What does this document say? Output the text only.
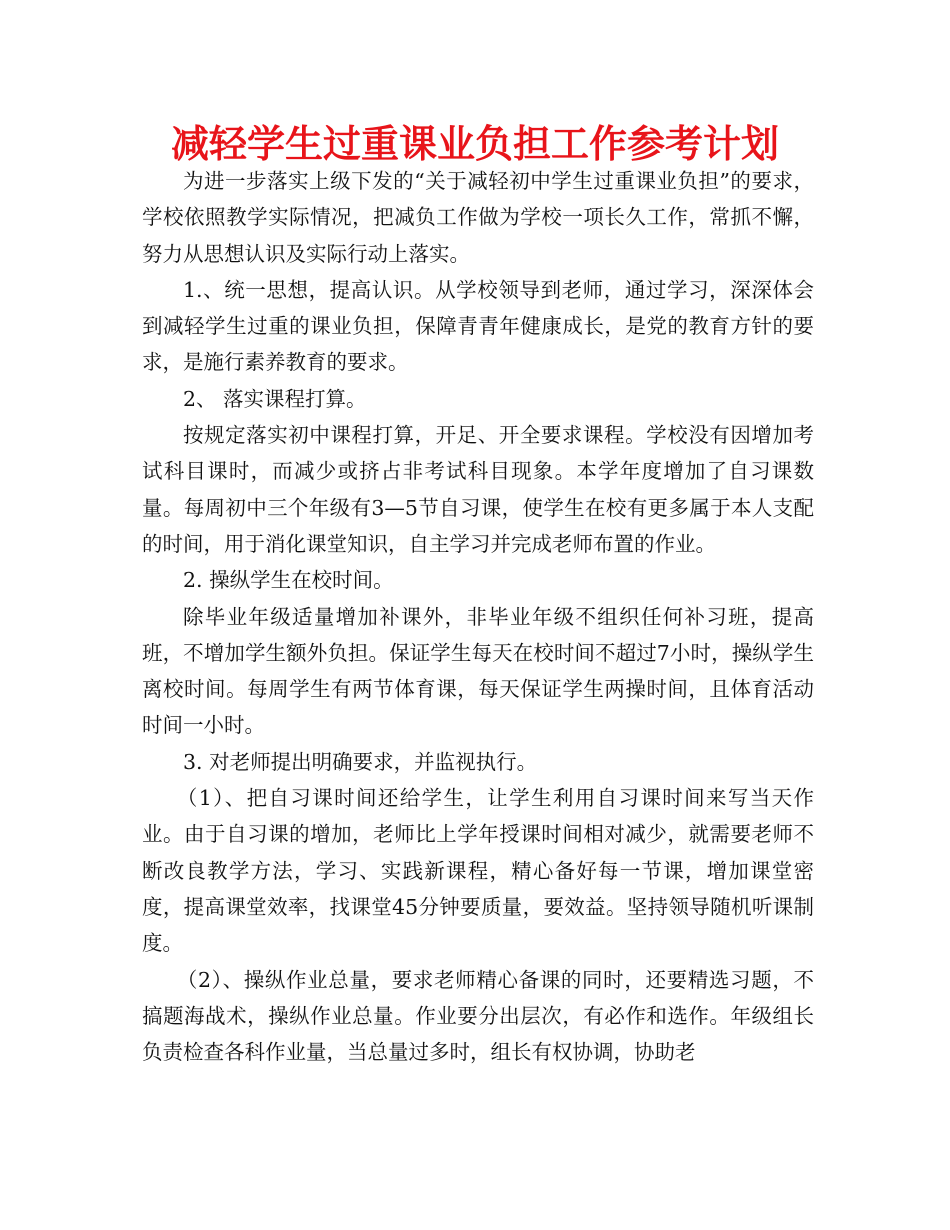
减轻学生过重课业负担工作参考计划

为进一步落实上级下发的“关于减轻初中学生过重课业负担”的要求，学校依照教学实际情况，把减负工作做为学校一项长久工作，常抓不懈，努力从思想认识及实际行动上落实。

1.、统一思想，提高认识。从学校领导到老师，通过学习，深深体会到减轻学生过重的课业负担，保障青青年健康成长，是党的教育方针的要求，是施行素养教育的要求。

2、 落实课程打算。

按规定落实初中课程打算，开足、开全要求课程。学校没有因增加考试科目课时，而减少或挤占非考试科目现象。本学年度增加了自习课数量。每周初中三个年级有3—5节自习课，使学生在校有更多属于本人支配的时间，用于消化课堂知识，自主学习并完成老师布置的作业。

2. 操纵学生在校时间。

除毕业年级适量增加补课外，非毕业年级不组织任何补习班，提高班，不增加学生额外负担。保证学生每天在校时间不超过7小时，操纵学生离校时间。每周学生有两节体育课，每天保证学生两操时间，且体育活动时间一小时。

3. 对老师提出明确要求，并监视执行。

（1）、把自习课时间还给学生，让学生利用自习课时间来写当天作业。由于自习课的增加，老师比上学年授课时间相对减少，就需要老师不断改良教学方法，学习、实践新课程，精心备好每一节课，增加课堂密度，提高课堂效率，找课堂45分钟要质量，要效益。坚持领导随机听课制度。

（2）、操纵作业总量，要求老师精心备课的同时，还要精选习题，不搞题海战术，操纵作业总量。作业要分出层次，有必作和选作。年级组长负责检查各科作业量，当总量过多时，组长有权协调，协助老
